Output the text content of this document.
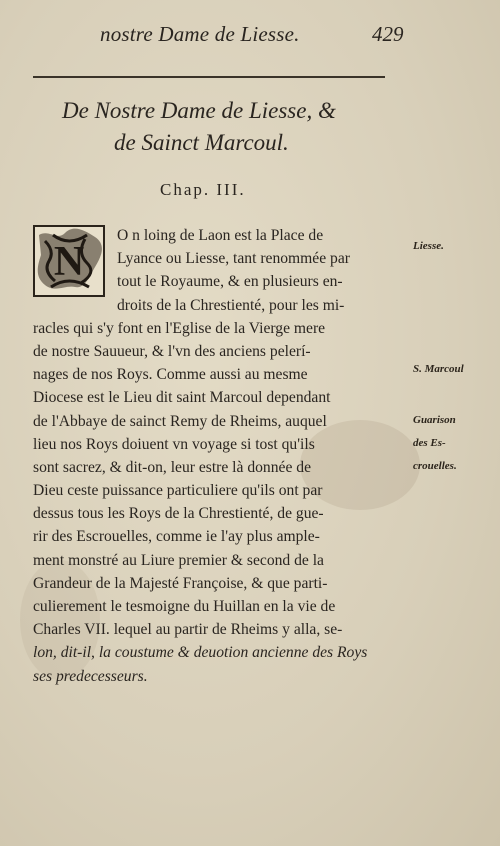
nostre Dame de Liesse.	429
De Nostre Dame de Liesse, &
de Sainct Marcoul.
Chap. III.
N
O n loing de Laon est la Place de
Lyance ou Liesse, tant renommée par
tout le Royaume, & en plusieurs en-
droits de la Chrestienté, pour les mi-
racles qui s'y font en l'Eglise de la Vierge mere
de nostre Sauueur, & l'vn des anciens pelerí-
nages de nos Roys. Comme aussi au mesme
Diocese est le Lieu dit saint Marcoul dependant
de l'Abbaye de sainct Remy de Rheims, auquel
lieu nos Roys doiuent vn voyage si tost qu'ils
sont sacrez, & dit-on, leur estre là donnée de
Dieu ceste puissance particuliere qu'ils ont par
dessus tous les Roys de la Chrestienté, de gue-
rir des Escrouelles, comme ie l'ay plus ample-
ment monstré au Liure premier & second de la
Grandeur de la Majesté Françoise, & que parti-
culierement le tesmoigne du Huillan en la vie de
Charles VII. lequel au partir de Rheims y alla, se-
lon, dit-il, la coustume & deuotion ancienne des Roys
ses predecesseurs.
Liesse.
S. Marcoul
Guarison
des Es-
crouelles.
